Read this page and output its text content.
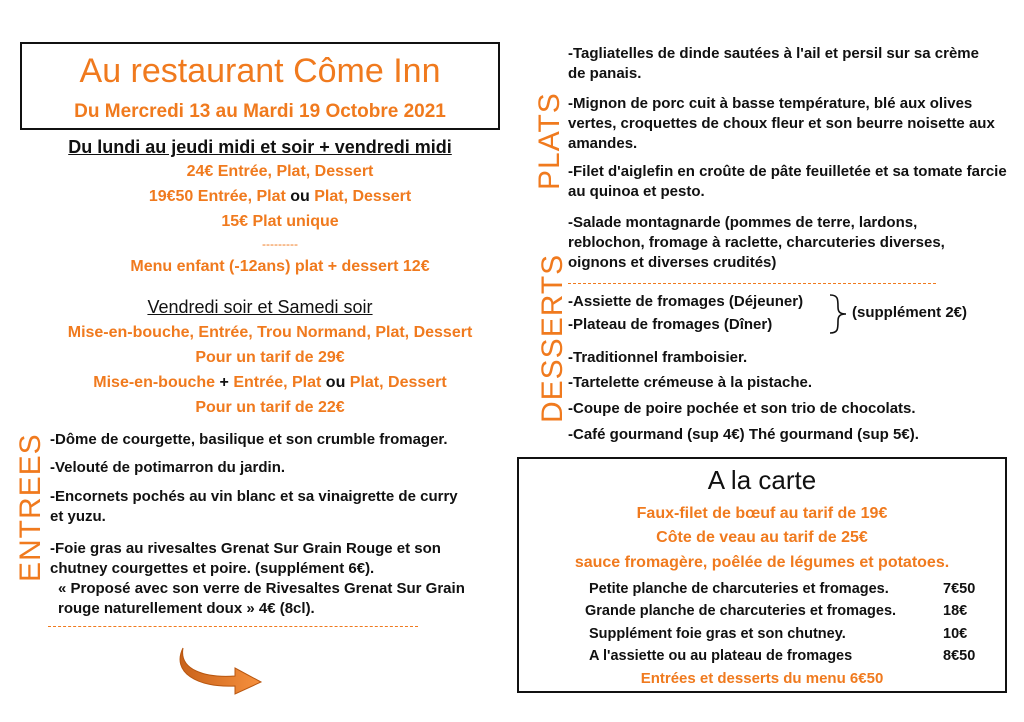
Au restaurant Côme Inn
Du Mercredi 13 au Mardi 19 Octobre 2021
Du lundi au jeudi midi et soir + vendredi midi
24€ Entrée, Plat, Dessert
19€50 Entrée, Plat ou Plat, Dessert
15€ Plat unique
---------
Menu enfant (-12ans) plat + dessert 12€
Vendredi soir et Samedi soir
Mise-en-bouche, Entrée, Trou Normand, Plat, Dessert
Pour un tarif de 29€
Mise-en-bouche + Entrée, Plat ou Plat, Dessert
Pour un tarif de 22€
ENTREES -Dôme de courgette, basilique et son crumble fromager.
-Velouté de potimarron du jardin.
-Encornets pochés au vin blanc et sa vinaigrette de curry et yuzu.
-Foie gras au rivesaltes Grenat Sur Grain Rouge et son chutney courgettes et poire. (supplément 6€).
« Proposé avec son verre de Rivesaltes Grenat Sur Grain rouge naturellement doux » 4€ (8cl).
PLATS
-Tagliatelles de dinde sautées à l'ail et persil sur sa crème de panais.
-Mignon de porc cuit à basse température, blé aux olives vertes, croquettes de choux fleur et son beurre noisette aux amandes.
-Filet d'aiglefin en croûte de pâte feuilletée et sa tomate farcie au quinoa et pesto.
-Salade montagnarde (pommes de terre, lardons, reblochon, fromage à raclette, charcuteries diverses, oignons et diverses crudités)
DESSERTS -Assiette de fromages (Déjeuner)
-Plateau de fromages (Dîner)
(supplément 2€)
-Traditionnel framboisier.
-Tartelette crémeuse à la pistache.
-Coupe de poire pochée et son trio de chocolats.
-Café gourmand (sup 4€) Thé gourmand (sup 5€).
A la carte
Faux-filet de bœuf au tarif de 19€
Côte de veau au tarif de 25€
sauce fromagère, poêlée de légumes et potatoes.
Petite planche de charcuteries et fromages.	7€50
Grande planche de charcuteries et fromages.	18€
Supplément foie gras et son chutney.	10€
A l'assiette ou au plateau de fromages	8€50
Entrées et desserts du menu 6€50
